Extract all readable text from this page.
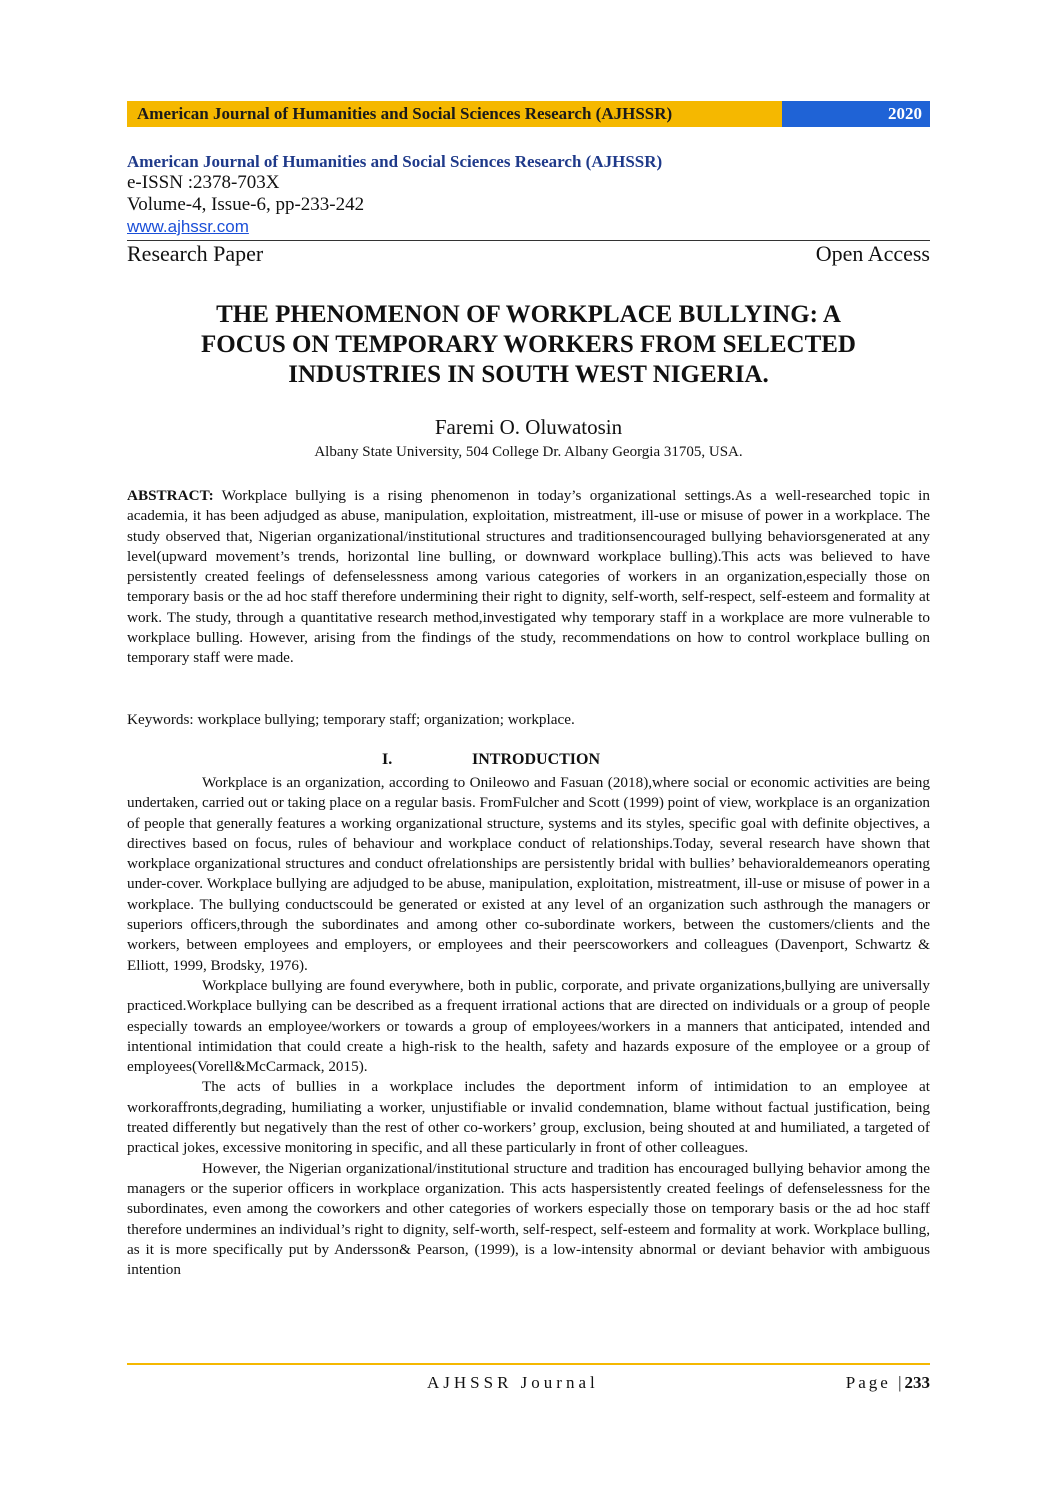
American Journal of Humanities and Social Sciences Research (AJHSSR)	2020
American Journal of Humanities and Social Sciences Research (AJHSSR)
e-ISSN :2378-703X
Volume-4, Issue-6, pp-233-242
www.ajhssr.com
Research Paper	Open Access
THE PHENOMENON OF WORKPLACE BULLYING: A
FOCUS ON TEMPORARY WORKERS FROM SELECTED
INDUSTRIES IN SOUTH WEST NIGERIA.
Faremi O. Oluwatosin
Albany State University, 504 College Dr. Albany Georgia 31705, USA.
ABSTRACT: Workplace bullying is a rising phenomenon in today’s organizational settings.As a well-researched topic in academia, it has been adjudged as abuse, manipulation, exploitation, mistreatment, ill-use or misuse of power in a workplace. The study observed that, Nigerian organizational/institutional structures and traditionsencouraged bullying behaviorsgenerated at any level(upward movement’s trends, horizontal line bulling, or downward workplace bulling).This acts was believed to have persistently created feelings of defenselessness among various categories of workers in an organization,especially those on temporary basis or the ad hoc staff therefore undermining their right to dignity, self-worth, self-respect, self-esteem and formality at work. The study, through a quantitative research method,investigated why temporary staff in a workplace are more vulnerable to workplace bulling. However, arising from the findings of the study, recommendations on how to control workplace bulling on temporary staff were made.
Keywords: workplace bullying; temporary staff; organization; workplace.
I.	INTRODUCTION

Workplace is an organization, according to Onileowo and Fasuan (2018),where social or economic activities are being undertaken, carried out or taking place on a regular basis. FromFulcher and Scott (1999) point of view, workplace is an organization of people that generally features a working organizational structure, systems and its styles, specific goal with definite objectives, a directives based on focus, rules of behaviour and workplace conduct of relationships.Today, several research have shown that workplace organizational structures and conduct ofrelationships are persistently bridal with bullies’ behavioraldemeanors operating under-cover. Workplace bullying are adjudged to be abuse, manipulation, exploitation, mistreatment, ill-use or misuse of power in a workplace. The bullying conductscould be generated or existed at any level of an organization such asthrough the managers or superiors officers,through the subordinates and among other co-subordinate workers, between the customers/clients and the workers, between employees and employers, or employees and their peerscoworkers and colleagues (Davenport, Schwartz & Elliott, 1999, Brodsky, 1976).

Workplace bullying are found everywhere, both in public, corporate, and private organizations,bullying are universally practiced.Workplace bullying can be described as a frequent irrational actions that are directed on individuals or a group of people especially towards an employee/workers or towards a group of employees/workers in a manners that anticipated, intended and intentional intimidation that could create a high-risk to the health, safety and hazards exposure of the employee or a group of employees(Vorell&McCarmack, 2015).

The acts of bullies in a workplace includes the deportment inform of intimidation to an employee at workoraffronts,degrading, humiliating a worker, unjustifiable or invalid condemnation, blame without factual justification, being treated differently but negatively than the rest of other co-workers’ group, exclusion, being shouted at and humiliated, a targeted of practical jokes, excessive monitoring in specific, and all these particularly in front of other colleagues.

However, the Nigerian organizational/institutional structure and tradition has encouraged bullying behavior among the managers or the superior officers in workplace organization. This acts haspersistently created feelings of defenselessness for the subordinates, even among the coworkers and other categories of workers especially those on temporary basis or the ad hoc staff therefore undermines an individual’s right to dignity, self-worth, self-respect, self-esteem and formality at work. Workplace bulling, as it is more specifically put by Andersson& Pearson, (1999), is a low-intensity abnormal or deviant behavior with ambiguous intention

AJHSSR Journal	Page |233
